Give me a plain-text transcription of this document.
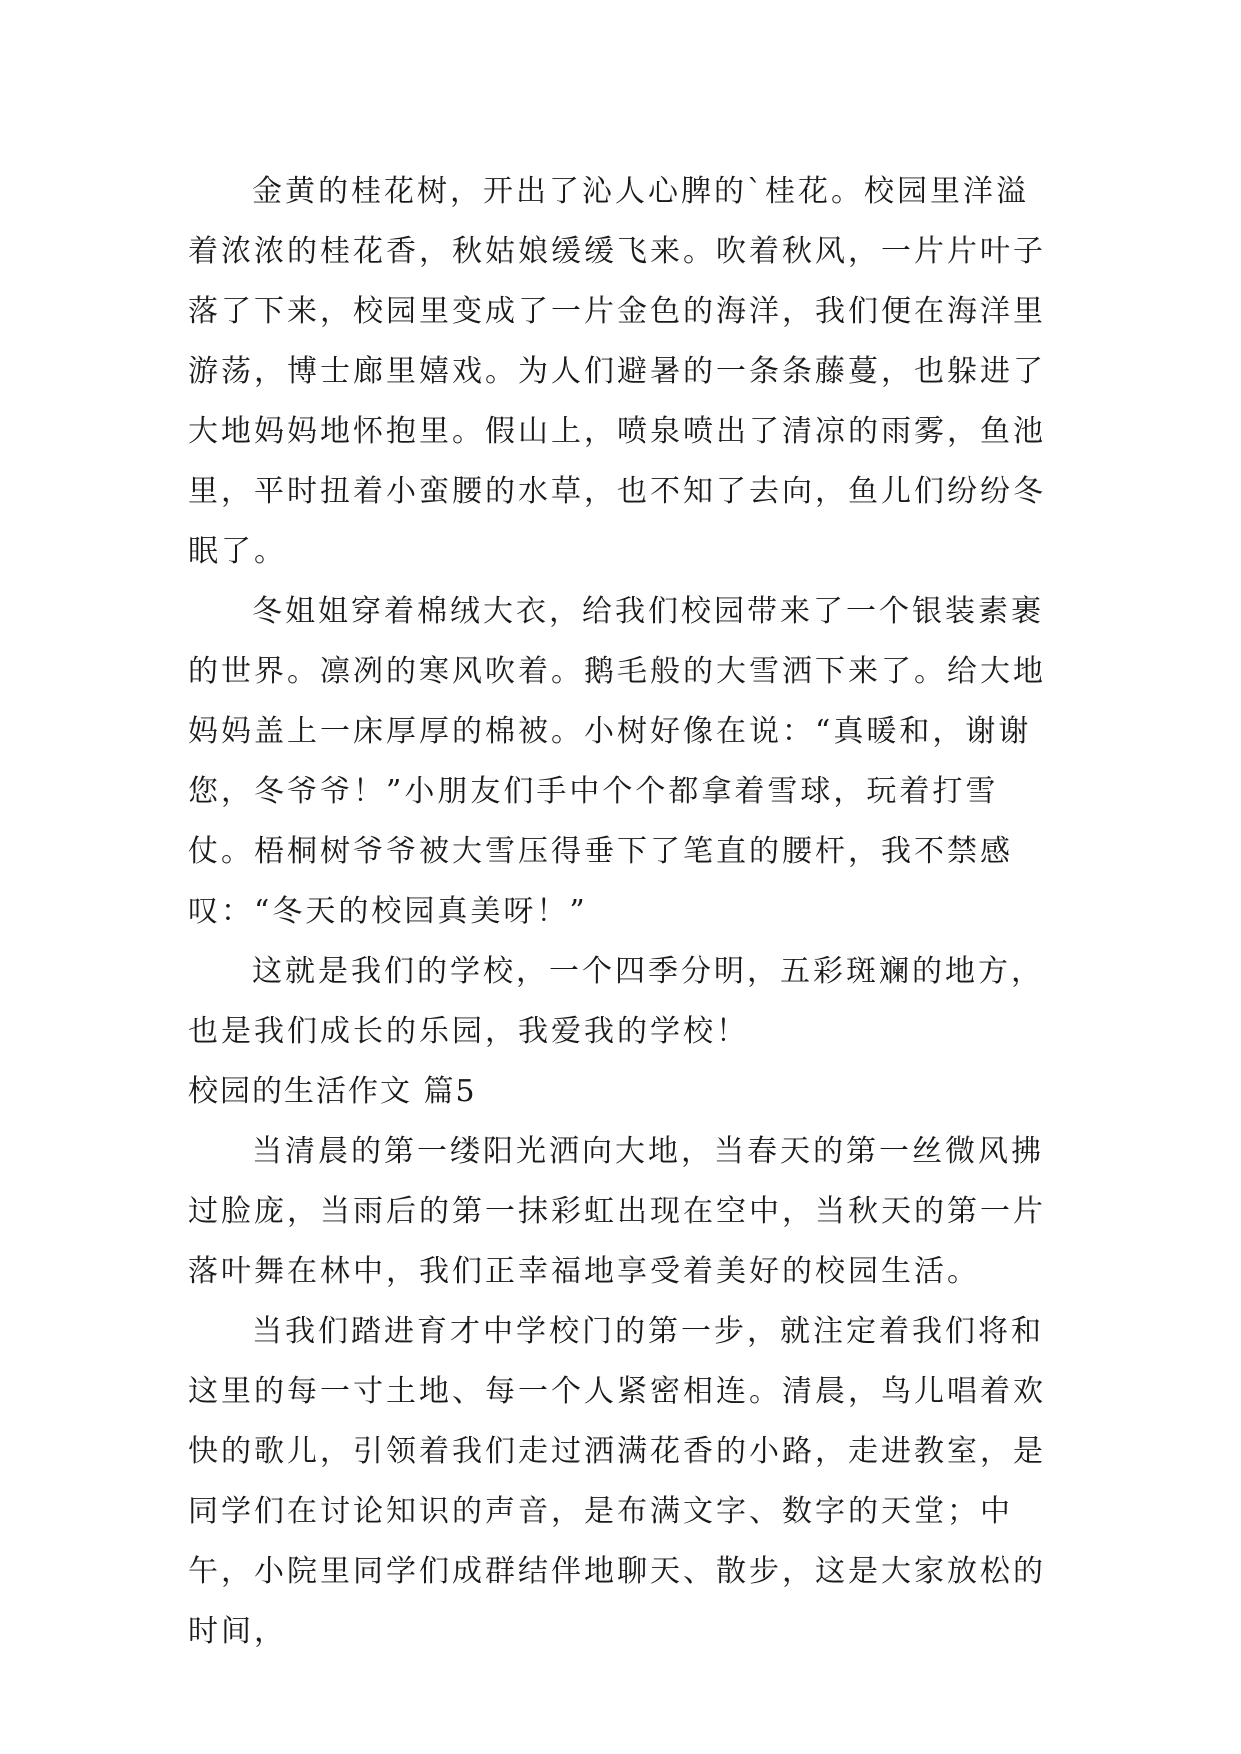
金黄的桂花树，开出了沁人心脾的`桂花。校园里洋溢着浓浓的桂花香，秋姑娘缓缓飞来。吹着秋风，一片片叶子落了下来，校园里变成了一片金色的海洋，我们便在海洋里游荡，博士廊里嬉戏。为人们避暑的一条条藤蔓，也躲进了大地妈妈地怀抱里。假山上，喷泉喷出了清凉的雨雾，鱼池里，平时扭着小蛮腰的水草，也不知了去向，鱼儿们纷纷冬眠了。

冬姐姐穿着棉绒大衣，给我们校园带来了一个银装素裹的世界。凛冽的寒风吹着。鹅毛般的大雪洒下来了。给大地妈妈盖上一床厚厚的棉被。小树好像在说：“真暖和，谢谢您，冬爷爷！”小朋友们手中个个都拿着雪球，玩着打雪仗。梧桐树爷爷被大雪压得垂下了笔直的腰杆，我不禁感叹：“冬天的校园真美呀！”

这就是我们的学校，一个四季分明，五彩斑斓的地方，也是我们成长的乐园，我爱我的学校！

校园的生活作文 篇5

当清晨的第一缕阳光洒向大地，当春天的第一丝微风拂过脸庞，当雨后的第一抹彩虹出现在空中，当秋天的第一片落叶舞在林中，我们正幸福地享受着美好的校园生活。

当我们踏进育才中学校门的第一步，就注定着我们将和这里的每一寸土地、每一个人紧密相连。清晨，鸟儿唱着欢快的歌儿，引领着我们走过洒满花香的小路，走进教室，是同学们在讨论知识的声音，是布满文字、数字的天堂；中午，小院里同学们成群结伴地聊天、散步，这是大家放松的时间，
